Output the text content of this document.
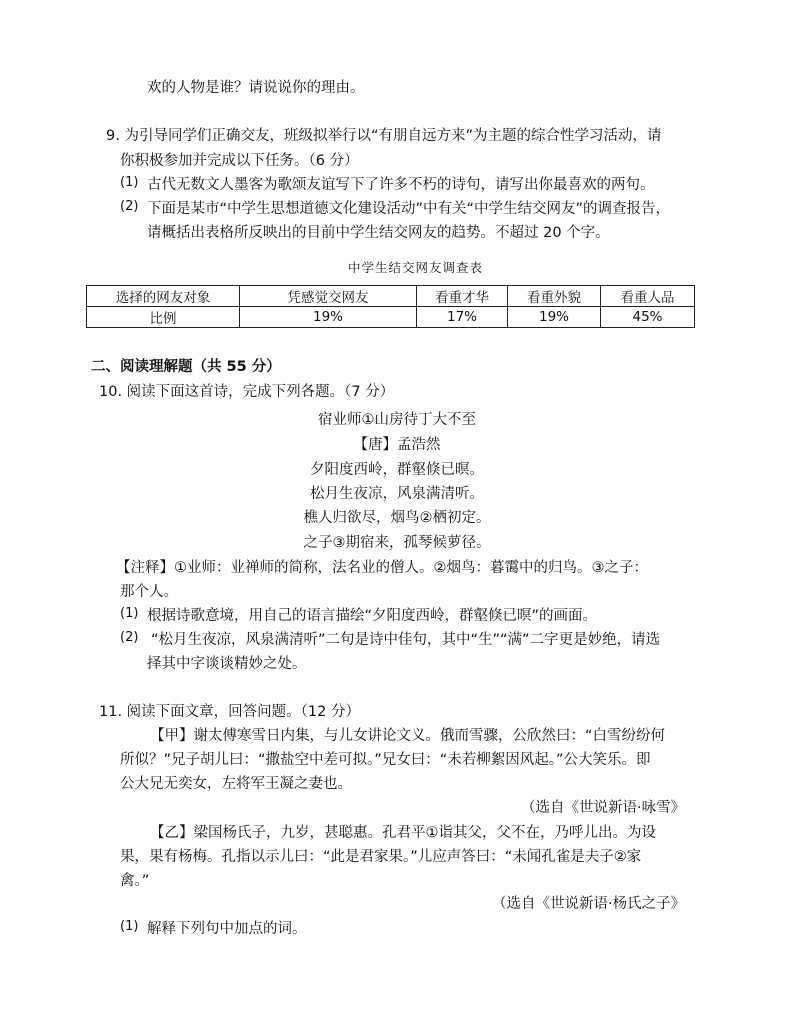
欢的人物是谁？请说说你的理由。
9. 为引导同学们正确交友，班级拟举行以“有朋自远方来”为主题的综合性学习活动，请
你积极参加并完成以下任务。（6 分）
(1) 古代无数文人墨客为歌颂友谊写下了许多不朽的诗句，请写出你最喜欢的两句。
(2) 下面是某市“中学生思想道德文化建设活动”中有关“中学生结交网友”的调查报告，
请概括出表格所反映出的目前中学生结交网友的趋势。不超过 20 个字。
中学生结交网友调查表
选择的网友对象	凭感觉交网友	看重才华	看重外貌	看重人品
比例	19%	17%	19%	45%
二、阅读理解题（共 55 分）
10. 阅读下面这首诗，完成下列各题。（7 分）
宿业师①山房待丁大不至
【唐】孟浩然
夕阳度西岭，群壑倏已暝。
松月生夜凉，风泉满清听。
樵人归欲尽，烟鸟②栖初定。
之子③期宿来，孤琴候萝径。
【注释】①业师：业禅师的简称，法名业的僧人。②烟鸟：暮霭中的归鸟。③之子：
那个人。
(1) 根据诗歌意境，用自己的语言描绘“夕阳度西岭，群壑倏已暝”的画面。
(2) “松月生夜凉，风泉满清听”二句是诗中佳句，其中“生”“满”二字更是妙绝，请选
择其中字谈谈精妙之处。
11. 阅读下面文章，回答问题。（12 分）
【甲】谢太傅寒雪日内集，与儿女讲论文义。俄而雪骤，公欣然曰：“白雪纷纷何
所似？”兄子胡儿曰：“撒盐空中差可拟。”兄女曰：“未若柳絮因风起。”公大笑乐。即
公大兄无奕女，左将军王凝之妻也。
（选自《世说新语·咏雪》
【乙】梁国杨氏子，九岁，甚聪惠。孔君平①诣其父，父不在，乃呼儿出。为设
果，果有杨梅。孔指以示儿曰：“此是君家果。”儿应声答曰：“未闻孔雀是夫子②家
禽。”
（选自《世说新语·杨氏之子》
(1) 解释下列句中加点的词。
